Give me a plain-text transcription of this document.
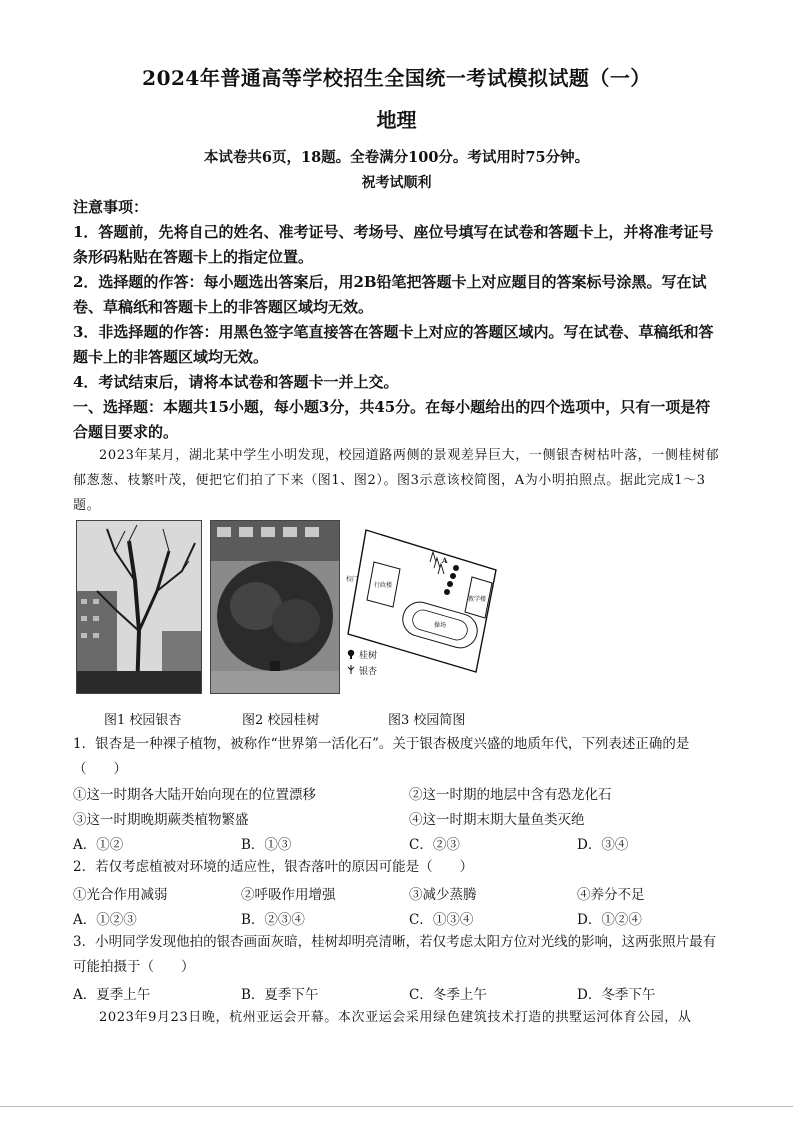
2024年普通高等学校招生全国统一考试模拟试题（一）
地理
本试卷共6页，18题。全卷满分100分。考试用时75分钟。
祝考试顺利
注意事项：
1．答题前，先将自己的姓名、准考证号、考场号、座位号填写在试卷和答题卡上，并将准考证号条形码粘贴在答题卡上的指定位置。
2．选择题的作答：每小题选出答案后，用2B铅笔把答题卡上对应题目的答案标号涂黑。写在试卷、草稿纸和答题卡上的非答题区域均无效。
3．非选择题的作答：用黑色签字笔直接答在答题卡上对应的答题区域内。写在试卷、草稿纸和答题卡上的非答题区域均无效。
4．考试结束后，请将本试卷和答题卡一并上交。
一、选择题：本题共15小题，每小题3分，共45分。在每小题给出的四个选项中，只有一项是符合题目要求的。
2023年某月，湖北某中学生小明发现，校园道路两侧的景观差异巨大，一侧银杏树枯叶落，一侧桂树郁郁葱葱、枝繁叶茂，便把它们拍了下来（图1、图2）。图3示意该校简图，A为小明拍照点。据此完成1～3题。
校门
行政楼
教学楼
操场
A
桂树
银杏
图1 校园银杏	图2 校园桂树	图3 校园简图
1．银杏是一种裸子植物，被称作“世界第一活化石”。关于银杏极度兴盛的地质年代，下列表述正确的是（　　）
①这一时期各大陆开始向现在的位置漂移	②这一时期的地层中含有恐龙化石
③这一时期晚期蕨类植物繁盛	④这一时期末期大量鱼类灭绝
A．①②	B．①③	C．②③	D．③④
2．若仅考虑植被对环境的适应性，银杏落叶的原因可能是（　　）
①光合作用减弱	②呼吸作用增强	③减少蒸腾	④养分不足
A．①②③	B．②③④	C．①③④	D．①②④
3．小明同学发现他拍的银杏画面灰暗，桂树却明亮清晰，若仅考虑太阳方位对光线的影响，这两张照片最有可能拍摄于（　　）
A．夏季上午	B．夏季下午	C．冬季上午	D．冬季下午
2023年9月23日晚，杭州亚运会开幕。本次亚运会采用绿色建筑技术打造的拱墅运河体育公园，从
